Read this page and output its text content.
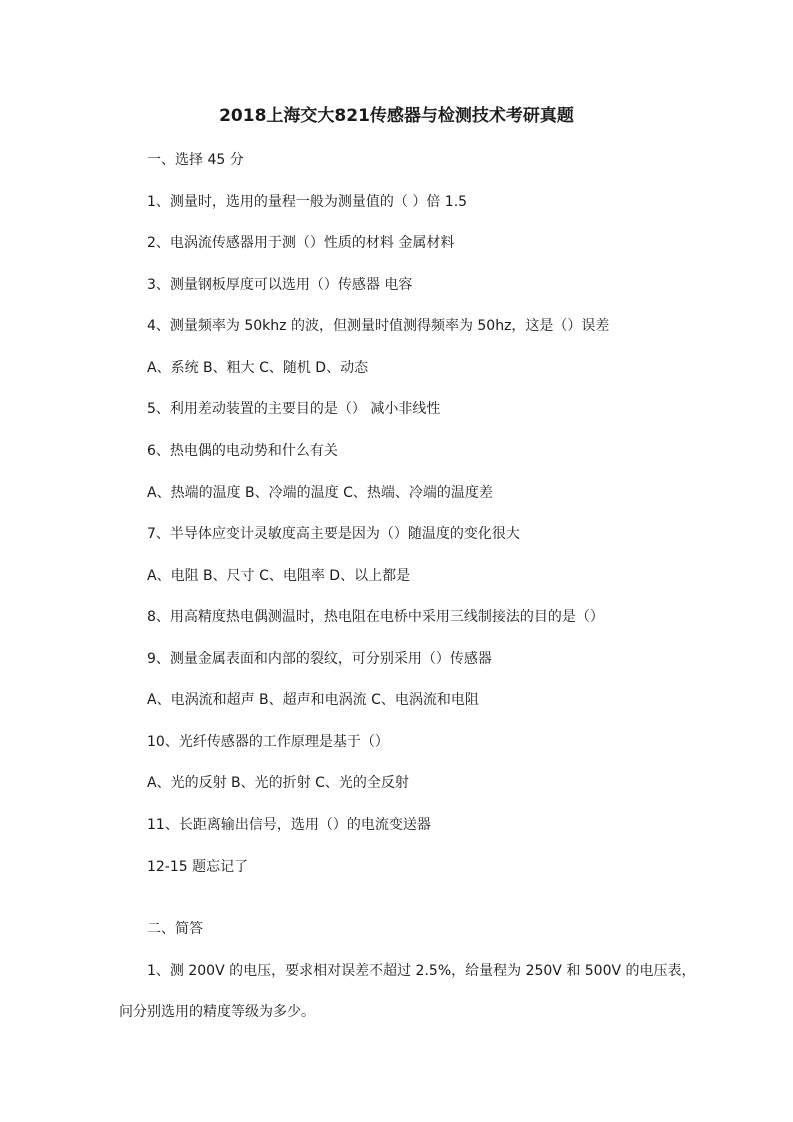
2018上海交大821传感器与检测技术考研真题
一、选择 45 分
1、测量时，选用的量程一般为测量值的（ ）倍 1.5
2、电涡流传感器用于测（）性质的材料 金属材料
3、测量钢板厚度可以选用（）传感器 电容
4、测量频率为 50khz 的波，但测量时值测得频率为 50hz，这是（）误差
A、系统 B、粗大 C、随机 D、动态
5、利用差动装置的主要目的是（） 减小非线性
6、热电偶的电动势和什么有关
A、热端的温度 B、冷端的温度 C、热端、冷端的温度差
7、半导体应变计灵敏度高主要是因为（）随温度的变化很大
A、电阻 B、尺寸 C、电阻率 D、以上都是
8、用高精度热电偶测温时，热电阻在电桥中采用三线制接法的目的是（）
9、测量金属表面和内部的裂纹，可分别采用（）传感器
A、电涡流和超声 B、超声和电涡流 C、电涡流和电阻
10、光纤传感器的工作原理是基于（）
A、光的反射 B、光的折射 C、光的全反射
11、长距离输出信号，选用（）的电流变送器
12-15 题忘记了
二、简答
1、测 200V 的电压，要求相对误差不超过 2.5%，给量程为 250V 和 500V 的电压表，
问分别选用的精度等级为多少。
